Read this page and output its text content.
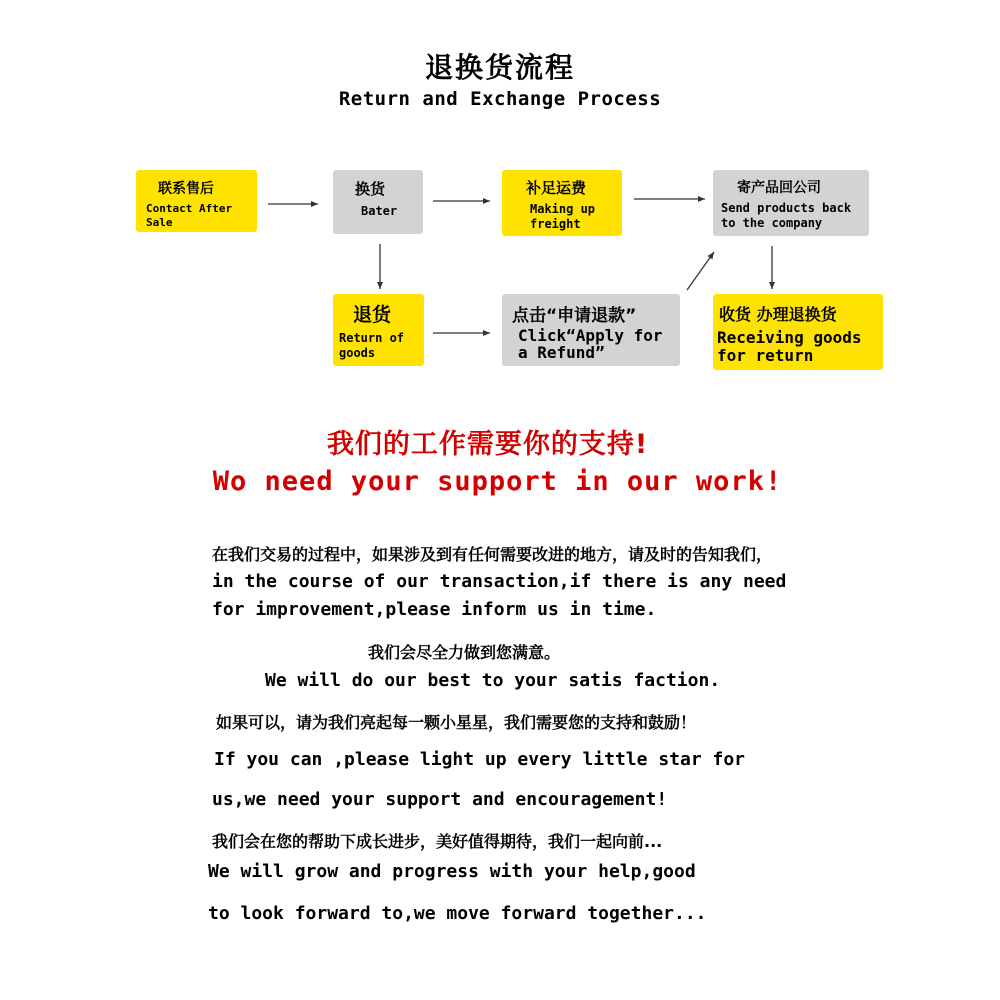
退换货流程
Return and Exchange Process
联系售后
Contact After Sale
换货
Bater
补足运费
Making up freight
寄产品回公司
Send products back to the company
退货
Return of goods
点击“申请退款”
Click“Apply for a Refund”
收货 办理退换货
Receiving goods for return
我们的工作需要你的支持!
Wo need your support in our work!
在我们交易的过程中，如果涉及到有任何需要改进的地方，请及时的告知我们，
in the course of our transaction,if there is any need
for improvement,please inform us in time.
我们会尽全力做到您满意。
We will do our best to your satis faction.
如果可以，请为我们亮起每一颗小星星，我们需要您的支持和鼓励！
If you can ,please light up every little star for
us,we need your support and encouragement!
我们会在您的帮助下成长进步，美好值得期待，我们一起向前...
We will grow and progress with your help,good
to look forward to,we move forward together...
